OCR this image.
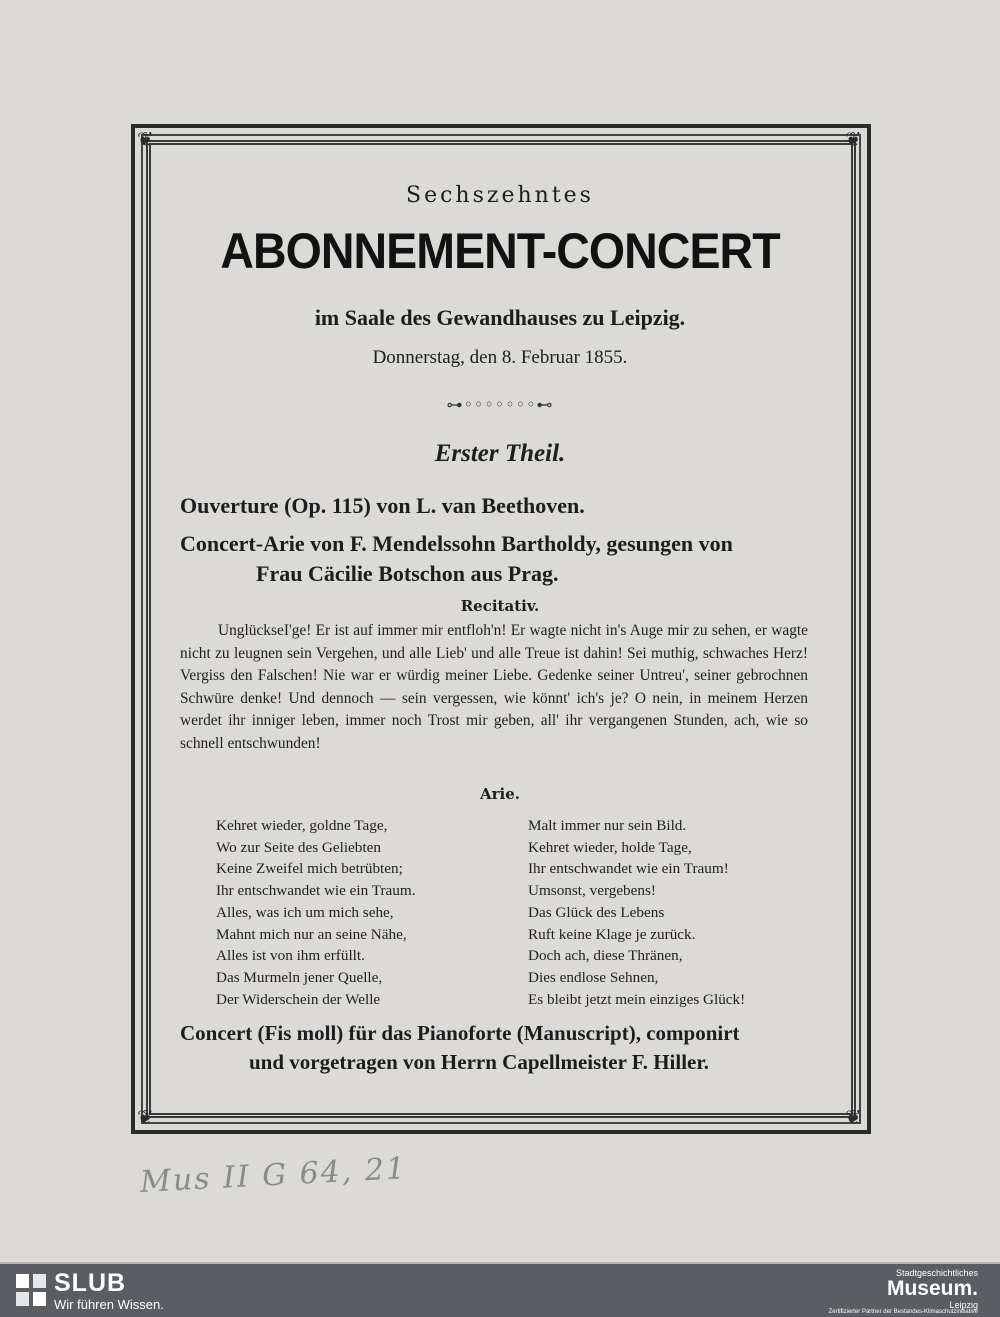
❦	❦
❦	❦
Sechszehntes
ABONNEMENT-CONCERT
im Saale des Gewandhauses zu Leipzig.
Donnerstag, den 8. Februar 1855.
⊶◦◦◦◦◦◦◦⊷
Erster Theil.
Ouverture (Op. 115) von L. van Beethoven.
Concert-Arie von F. Mendelssohn Bartholdy, gesungen von
Frau Cäcilie Botschon aus Prag.
Recitativ.
UnglückseI'ge! Er ist auf immer mir entfloh'n! Er wagte nicht in's Auge mir zu sehen, er wagte nicht zu leugnen sein Vergehen, und alle Lieb' und alle Treue ist dahin! Sei muthig, schwaches Herz! Vergiss den Falschen! Nie war er würdig meiner Liebe. Gedenke seiner Untreu', seiner gebrochnen Schwüre denke! Und dennoch — sein vergessen, wie könnt' ich's je? O nein, in meinem Herzen werdet ihr inniger leben, immer noch Trost mir geben, all' ihr vergangenen Stunden, ach, wie so schnell entschwunden!
Arie.
Kehret wieder, goldne Tage,
Wo zur Seite des Geliebten
Keine Zweifel mich betrübten;
Ihr entschwandet wie ein Traum.
Alles, was ich um mich sehe,
Mahnt mich nur an seine Nähe,
Alles ist von ihm erfüllt.
Das Murmeln jener Quelle,
Der Widerschein der Welle
Malt immer nur sein Bild.
Kehret wieder, holde Tage,
Ihr entschwandet wie ein Traum!
Umsonst, vergebens!
Das Glück des Lebens
Ruft keine Klage je zurück.
Doch ach, diese Thränen,
Dies endlose Sehnen,
Es bleibt jetzt mein einziges Glück!
Concert (Fis moll) für das Pianoforte (Manuscript), componirt
und vorgetragen von Herrn Capellmeister F. Hiller.
Mus II G 64, 21
SLUB
Wir führen Wissen.
Stadtgeschichtliches
Museum.
Leipzig
Zertifizierter Partner der Bestandes-Klimaschutzinitiative
